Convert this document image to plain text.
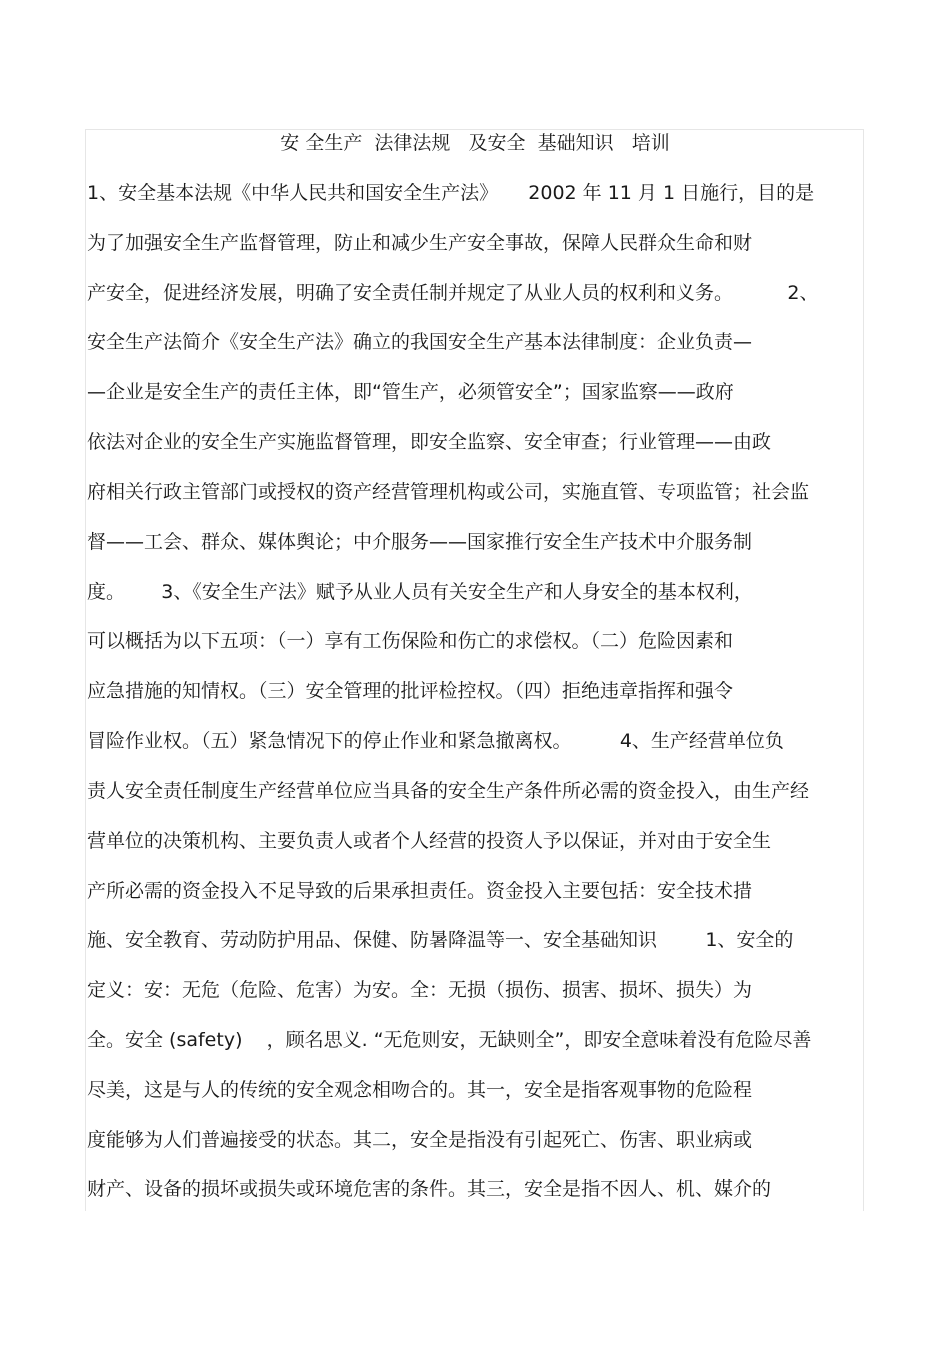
安 全生产  法律法规   及安全  基础知识   培训
1、安全基本法规《中华人民共和国安全生产法》     2002 年 11 月 1 日施行，目的是
为了加强安全生产监督管理，防止和减少生产安全事故，保障人民群众生命和财
产安全，促进经济发展，明确了安全责任制并规定了从业人员的权利和义务。         2、
安全生产法简介《安全生产法》确立的我国安全生产基本法律制度：企业负责—
—企业是安全生产的责任主体，即“管生产，必须管安全”；国家监察——政府
依法对企业的安全生产实施监督管理，即安全监察、安全审查；行业管理——由政
府相关行政主管部门或授权的资产经营管理机构或公司，实施直管、专项监管；社会监
督——工会、群众、媒体舆论；中介服务——国家推行安全生产技术中介服务制
度。      3、《安全生产法》赋予从业人员有关安全生产和人身安全的基本权利，
可以概括为以下五项：（一）享有工伤保险和伤亡的求偿权。（二）危险因素和
应急措施的知情权。（三）安全管理的批评检控权。（四）拒绝违章指挥和强令
冒险作业权。（五）紧急情况下的停止作业和紧急撤离权。        4、生产经营单位负
责人安全责任制度生产经营单位应当具备的安全生产条件所必需的资金投入，由生产经
营单位的决策机构、主要负责人或者个人经营的投资人予以保证，并对由于安全生
产所必需的资金投入不足导致的后果承担责任。资金投入主要包括：安全技术措
施、安全教育、劳动防护用品、保健、防暑降温等一、安全基础知识        1、安全的
定义：安：无危（危险、危害）为安。全：无损（损伤、损害、损坏、损失）为
全。安全 (safety)    ，顾名思义. “无危则安，无缺则全”，即安全意味着没有危险尽善
尽美，这是与人的传统的安全观念相吻合的。其一，安全是指客观事物的危险程
度能够为人们普遍接受的状态。其二，安全是指没有引起死亡、伤害、职业病或
财产、设备的损坏或损失或环境危害的条件。其三，安全是指不因人、机、媒介的
